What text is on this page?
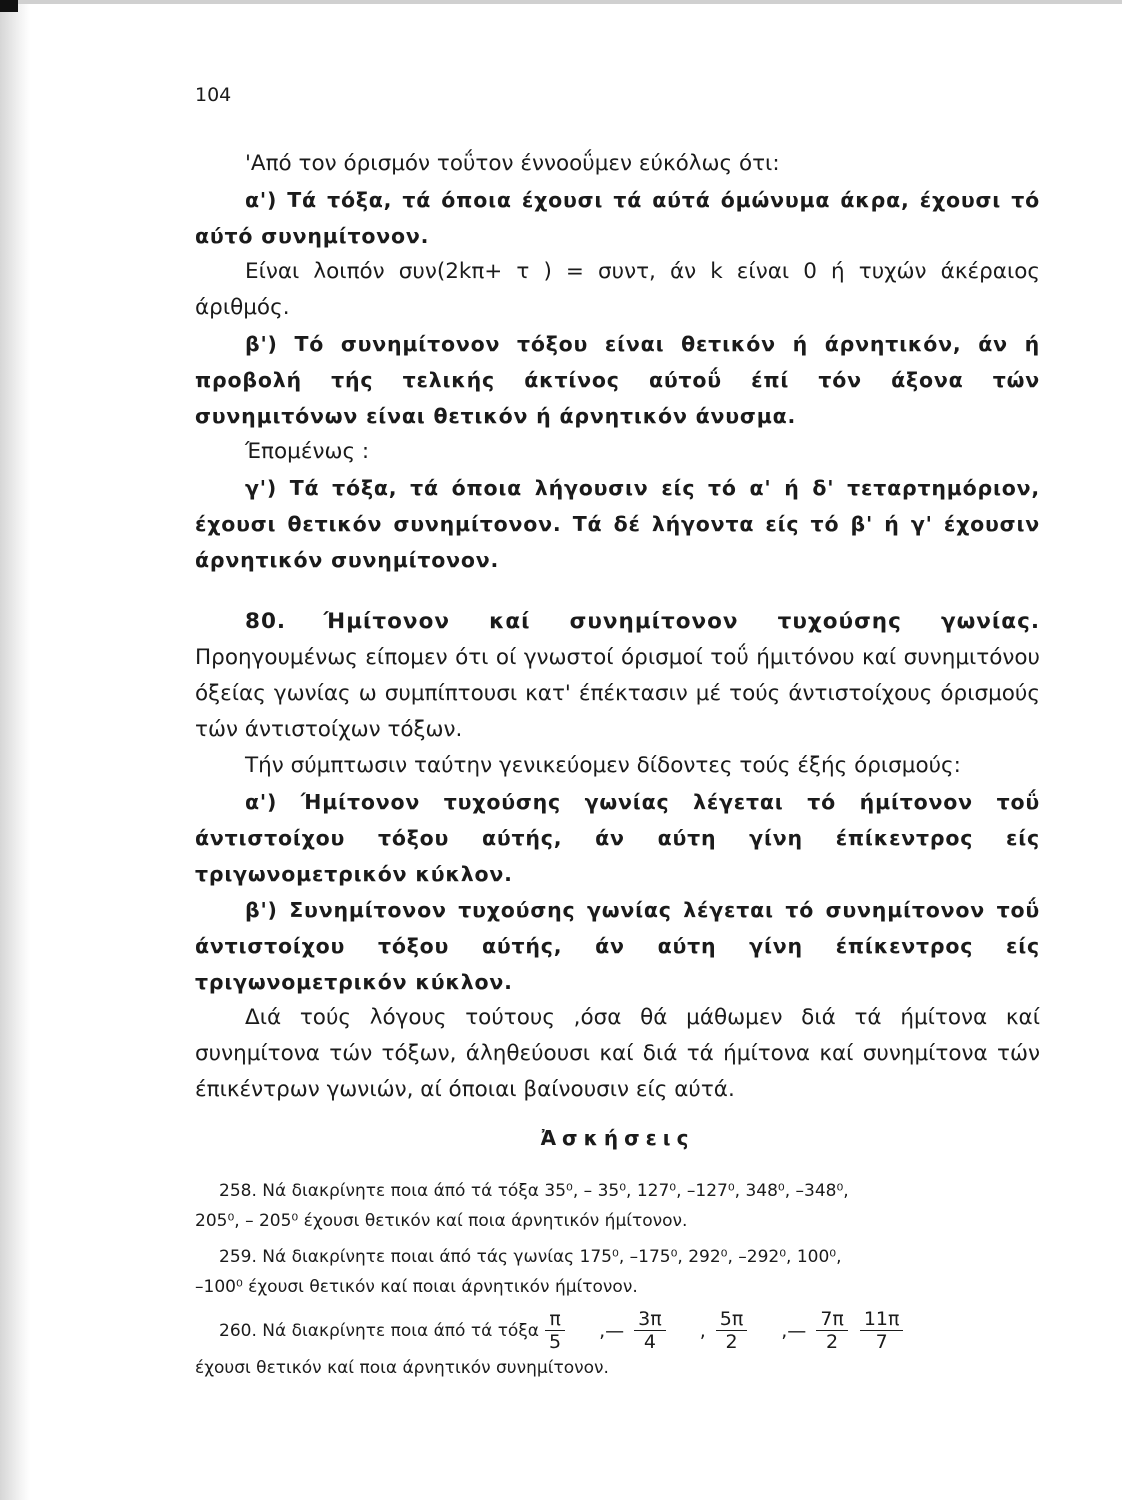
104

'Από τον όρισμόν τοΰτον έννοοΰμεν εύκόλως ότι:

α') Τά τόξα, τά όποια έχουσι τά αύτά όμώνυμα άκρα, έχουσι τό αύτό συνημίτονον.

Είναι λοιπόν συν(2kπ+ τ ) = συντ, άν k είναι 0 ή τυχών άκέραιος άριθμός.

β') Τό συνημίτονον τόξου είναι θετικόν ή άρνητικόν, άν ή προβολή τής τελικής άκτίνος αύτοΰ έπί τόν άξονα τών συνημιτόνων είναι θετικόν ή άρνητικόν άνυσμα.

Έπομένως :

γ') Τά τόξα, τά όποια λήγουσιν είς τό α' ή δ' τεταρτημόριον, έχουσι θετικόν συνημίτονον. Τά δέ λήγοντα είς τό β' ή γ' έχουσιν άρνητικόν συνημίτονον.

80. Ήμίτονον καί συνημίτονον τυχούσης γωνίας. Προηγουμένως είπομεν ότι οί γνωστοί όρισμοί τοΰ ήμιτόνου καί συνημιτόνου όξείας γωνίας ω συμπίπτουσι κατ' έπέκτασιν μέ τούς άντιστοίχους όρισμούς τών άντιστοίχων τόξων.

Τήν σύμπτωσιν ταύτην γενικεύομεν δίδοντες τούς έξής όρισμούς:

α') Ήμίτονον τυχούσης γωνίας λέγεται τό ήμίτονον τοΰ άντιστοίχου τόξου αύτής, άν αύτη γίνη έπίκεντρος είς τριγωνομετρικόν κύκλον.

β') Συνημίτονον τυχούσης γωνίας λέγεται τό συνημίτονον τοΰ άντιστοίχου τόξου αύτής, άν αύτη γίνη έπίκεντρος είς τριγωνομετρικόν κύκλον.

Διά τούς λόγους τούτους ,όσα θά μάθωμεν διά τά ήμίτονα καί συνημίτονα τών τόξων, άληθεύουσι καί διά τά ήμίτονα καί συνημίτονα τών έπικέντρων γωνιών, αί όποιαι βαίνουσιν είς αύτά.

Ἀσκήσεις

258. Νά διακρίνητε ποια άπό τά τόξα 35⁰, – 35⁰, 127⁰, –127⁰, 348⁰, –348⁰,

205⁰, – 205⁰ έχουσι θετικόν καί ποια άρνητικόν ήμίτονον.

259. Νά διακρίνητε ποιαι άπό τάς γωνίας 175⁰, –175⁰, 292⁰, –292⁰, 100⁰,

–100⁰ έχουσι θετικόν καί ποιαι άρνητικόν ήμίτονον.

260. Νά διακρίνητε ποια άπό τά τόξα $\frac{\pi}{5}$	,— $\frac{3\pi}{4}$	, $\frac{5\pi}{2}$	,— $\frac{7\pi}{2} \frac{11\pi}{7}$

έχουσι θετικόν καί ποια άρνητικόν συνημίτονον.
